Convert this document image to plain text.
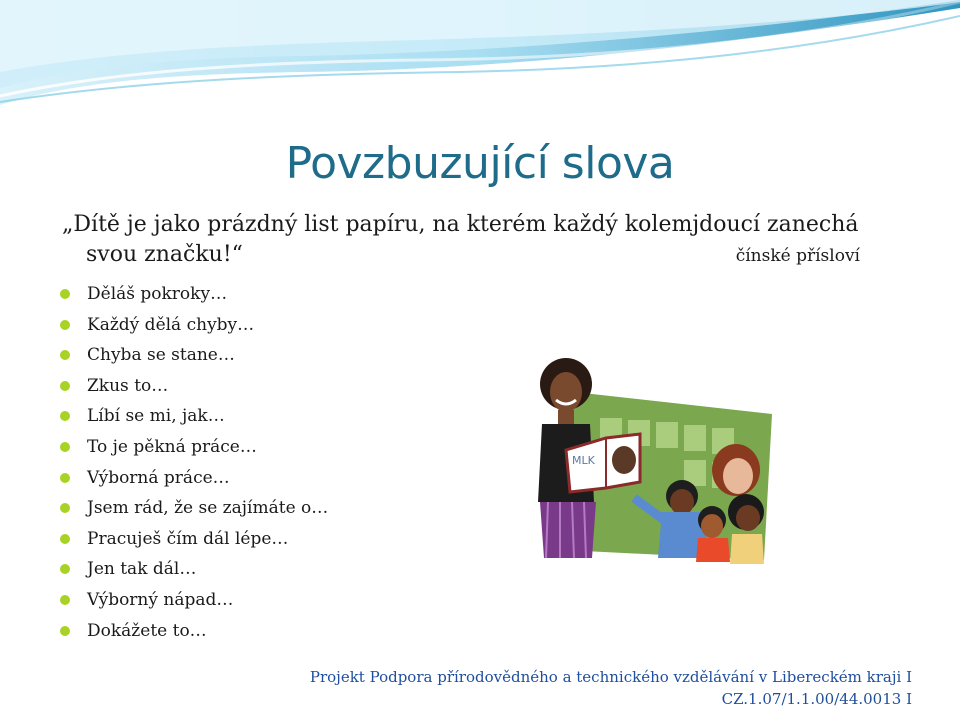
Povzbuzující slova
„Dítě je jako prázdný list papíru, na kterém každý kolemjdoucí zanechá
svou značku!“	čínské přísloví
Děláš pokroky…
Každý dělá chyby…
Chyba se stane…
Zkus to…
Líbí se mi, jak…
To je pěkná práce…
Výborná práce…
Jsem rád, že se zajímáte o…
Pracuješ čím dál lépe…
Jen tak dál…
Výborný nápad…
Dokážete to…
MLK
Projekt Podpora přírodovědného a technického vzdělávání v Libereckém kraji I
CZ.1.07/1.1.00/44.0013 I
